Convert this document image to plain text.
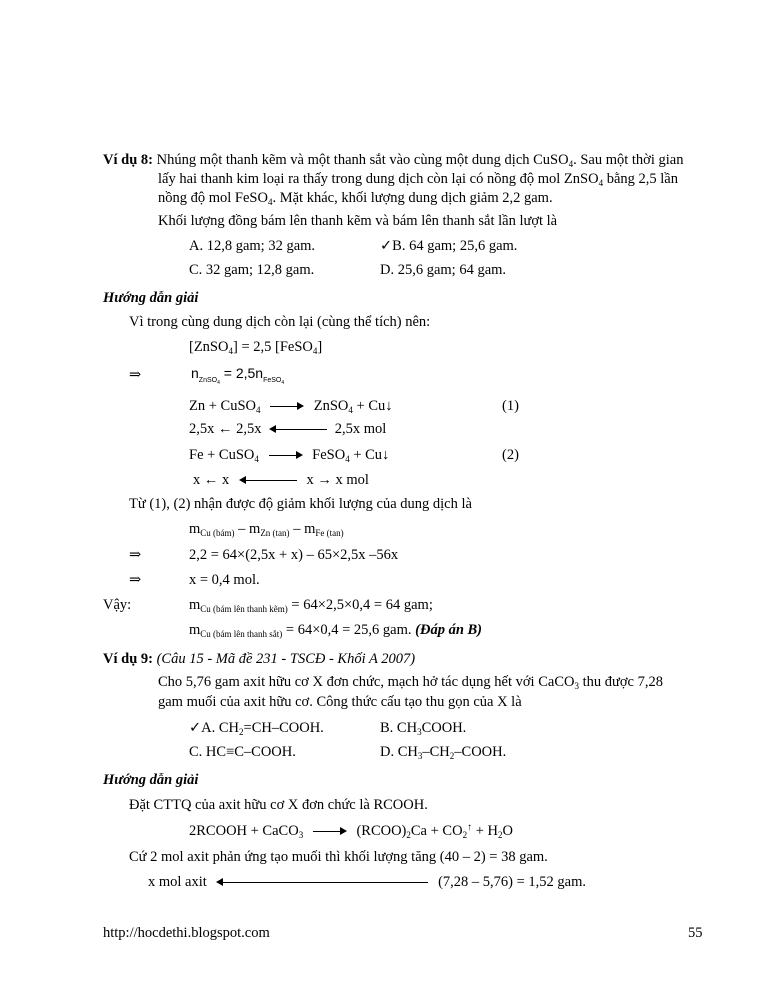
Ví dụ 8: Nhúng một thanh kẽm và một thanh sắt vào cùng một dung dịch CuSO$_4$. Sau một thời gian
lấy hai thanh kim loại ra thấy trong dung dịch còn lại có nồng độ mol ZnSO$_4$ bằng 2,5 lần
nồng độ mol FeSO$_4$. Mặt khác, khối lượng dung dịch giảm 2,2 gam.
Khối lượng đồng bám lên thanh kẽm và bám lên thanh sắt lần lượt là
A. 12,8 gam; 32 gam.	✓B. 64 gam; 25,6 gam.
C. 32 gam; 12,8 gam.	D. 25,6 gam; 64 gam.
Hướng dẫn giải
Vì trong cùng dung dịch còn lại (cùng thể tích) nên:
[ZnSO$_4$] = 2,5 [FeSO$_4$]
⇒	$n_{ZnSO_4} = 2,5n_{FeSO_4}$
Zn + CuSO$_4$	ZnSO$_4$ + Cu↓	(1)
2,5x ← 2,5x	2,5x mol
Fe + CuSO$_4$	FeSO$_4$ + Cu↓	(2)
x ← x	x → x mol
Từ (1), (2) nhận được độ giảm khối lượng của dung dịch là
$m_{Cu (bám)} - m_{Zn (tan)} - m_{Fe (tan)}$
⇒	2,2 = 64×(2,5x + x) – 65×2,5x –56x
⇒	x = 0,4 mol.
Vậy:	$m_{Cu (bám lên thanh kẽm)} = 64\times 2,5\times 0,4 = 64$ gam;
$m_{Cu (bám lên thanh sắt)} = 64\times 0,4 = 25,6$ gam. (Đáp án B)
Ví dụ 9: (Câu 15 - Mã đề 231 - TSCĐ - Khối A 2007)
Cho 5,76 gam axit hữu cơ X đơn chức, mạch hở tác dụng hết với CaCO$_3$ thu được 7,28
gam muối của axit hữu cơ. Công thức cấu tạo thu gọn của X là
✓A. $CH_2=CH$–COOH.	B. $CH_3COOH$.
C. HC≡C–COOH.	D. $CH_3-CH_2$–COOH.
Hướng dẫn giải
Đặt CTTQ của axit hữu cơ X đơn chức là RCOOH.
2RCOOH + CaCO$_3$	$(RCOO)_2Ca + CO_2^↑ + H_2O$
Cứ 2 mol axit phản ứng tạo muối thì khối lượng tăng (40 – 2) = 38 gam.
x mol axit	(7,28 – 5,76) = 1,52 gam.
http://hocdethi.blogspot.com	55
